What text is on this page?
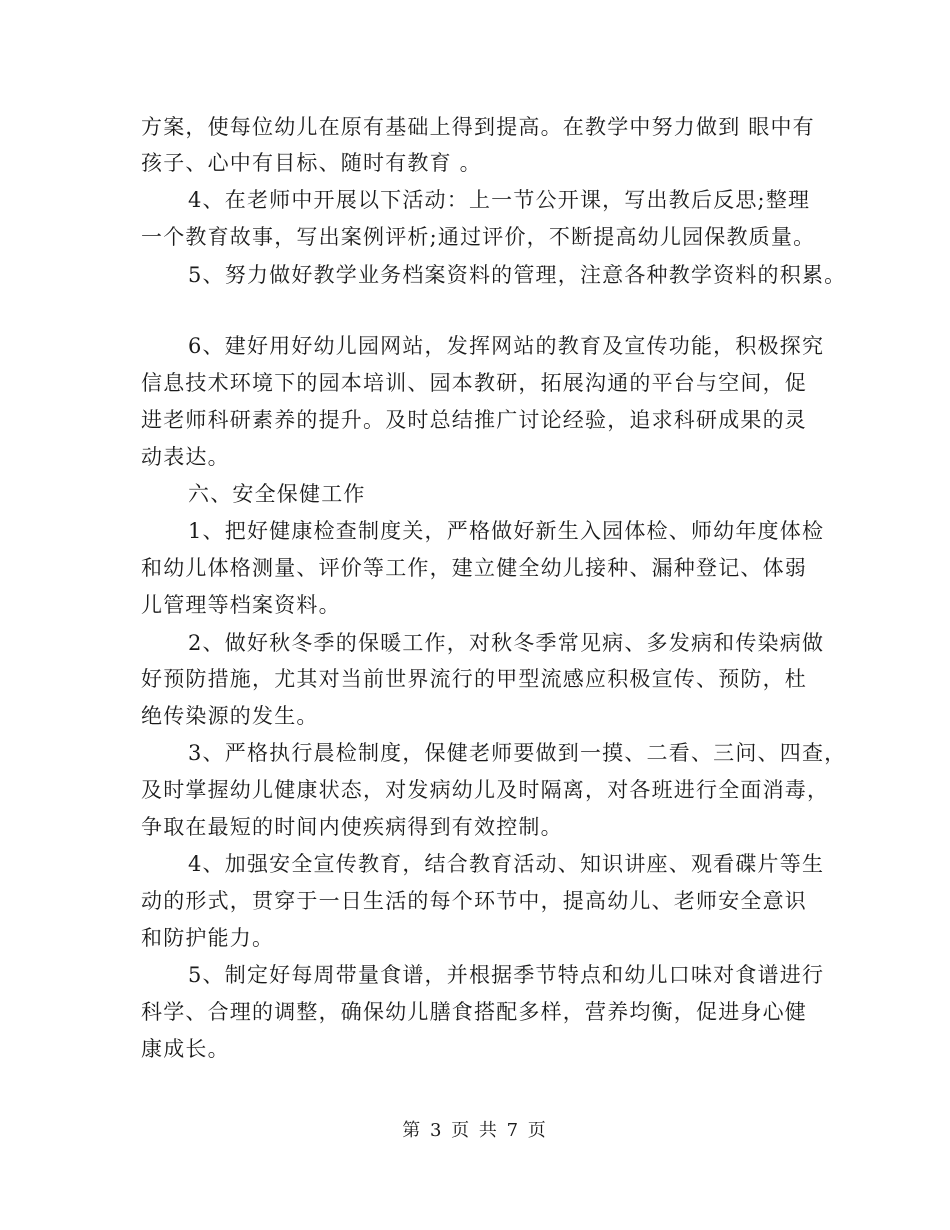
方案，使每位幼儿在原有基础上得到提高。在教学中努力做到 眼中有
孩子、心中有目标、随时有教育 。
4、在老师中开展以下活动：上一节公开课，写出教后反思;整理
一个教育故事，写出案例评析;通过评价，不断提高幼儿园保教质量。
5、努力做好教学业务档案资料的管理，注意各种教学资料的积累。
6、建好用好幼儿园网站，发挥网站的教育及宣传功能，积极探究
信息技术环境下的园本培训、园本教研，拓展沟通的平台与空间，促
进老师科研素养的提升。及时总结推广讨论经验，追求科研成果的灵
动表达。
六、安全保健工作
1、把好健康检查制度关，严格做好新生入园体检、师幼年度体检
和幼儿体格测量、评价等工作，建立健全幼儿接种、漏种登记、体弱
儿管理等档案资料。
2、做好秋冬季的保暖工作，对秋冬季常见病、多发病和传染病做
好预防措施，尤其对当前世界流行的甲型流感应积极宣传、预防，杜
绝传染源的发生。
3、严格执行晨检制度，保健老师要做到一摸、二看、三问、四查，
及时掌握幼儿健康状态，对发病幼儿及时隔离，对各班进行全面消毒，
争取在最短的时间内使疾病得到有效控制。
4、加强安全宣传教育，结合教育活动、知识讲座、观看碟片等生
动的形式，贯穿于一日生活的每个环节中，提高幼儿、老师安全意识
和防护能力。
5、制定好每周带量食谱，并根据季节特点和幼儿口味对食谱进行
科学、合理的调整，确保幼儿膳食搭配多样，营养均衡，促进身心健
康成长。
第 3 页 共 7 页
